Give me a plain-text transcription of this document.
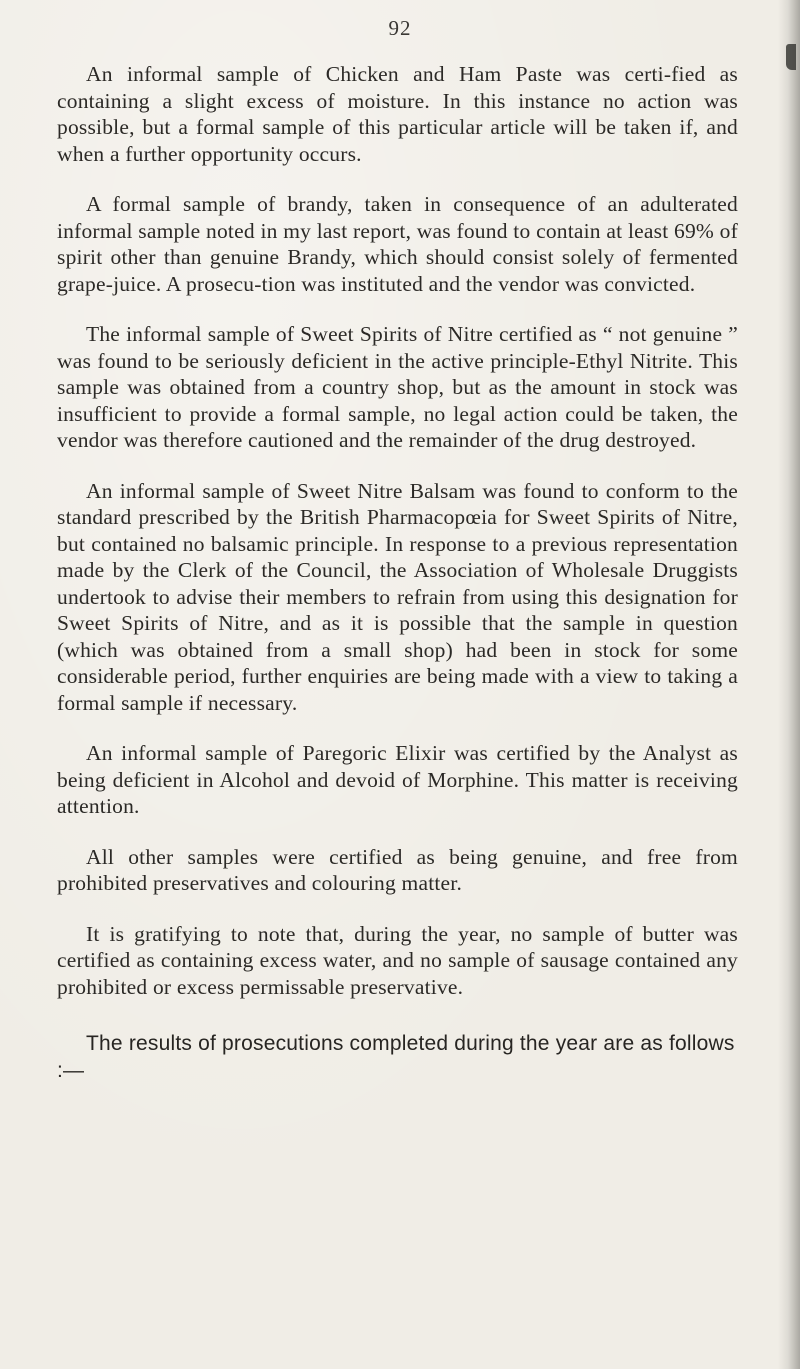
92

An informal sample of Chicken and Ham Paste was certi-fied as containing a slight excess of moisture. In this instance no action was possible, but a formal sample of this particular article will be taken if, and when a further opportunity occurs.

A formal sample of brandy, taken in consequence of an adulterated informal sample noted in my last report, was found to contain at least 69% of spirit other than genuine Brandy, which should consist solely of fermented grape-juice. A prosecu-tion was instituted and the vendor was convicted.

The informal sample of Sweet Spirits of Nitre certified as “ not genuine ” was found to be seriously deficient in the active principle-Ethyl Nitrite. This sample was obtained from a country shop, but as the amount in stock was insufficient to provide a formal sample, no legal action could be taken, the vendor was therefore cautioned and the remainder of the drug destroyed.

An informal sample of Sweet Nitre Balsam was found to conform to the standard prescribed by the British Pharmacopœia for Sweet Spirits of Nitre, but contained no balsamic principle. In response to a previous representation made by the Clerk of the Council, the Association of Wholesale Druggists undertook to advise their members to refrain from using this designation for Sweet Spirits of Nitre, and as it is possible that the sample in question (which was obtained from a small shop) had been in stock for some considerable period, further enquiries are being made with a view to taking a formal sample if necessary.

An informal sample of Paregoric Elixir was certified by the Analyst as being deficient in Alcohol and devoid of Morphine. This matter is receiving attention.

All other samples were certified as being genuine, and free from prohibited preservatives and colouring matter.

It is gratifying to note that, during the year, no sample of butter was certified as containing excess water, and no sample of sausage contained any prohibited or excess permissable preservative.

The results of prosecutions completed during the year are as follows :—
